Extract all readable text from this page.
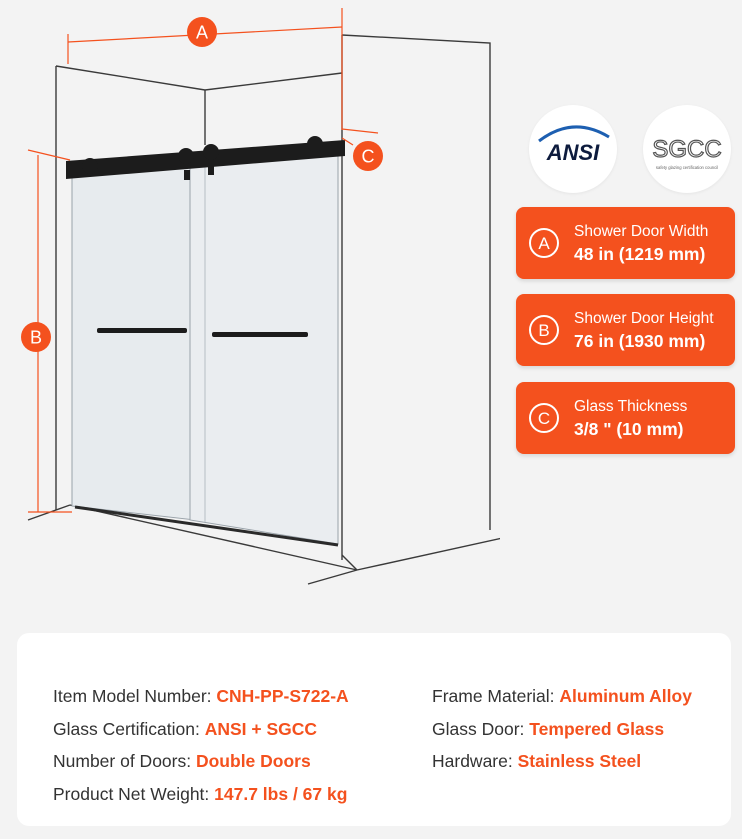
A
B
C	ANSI SGCC
safety glazing certification council
A
Shower Door Width
48 in (1219 mm)
B
Shower Door Height
76 in (1930 mm)
C
Glass Thickness
3/8 " (10 mm)
Item Model Number: CNH-PP-S722-A
Glass Certification: ANSI + SGCC
Number of Doors: Double Doors
Product Net Weight: 147.7 lbs / 67 kg
Frame Material: Aluminum Alloy
Glass Door: Tempered Glass
Hardware: Stainless Steel
